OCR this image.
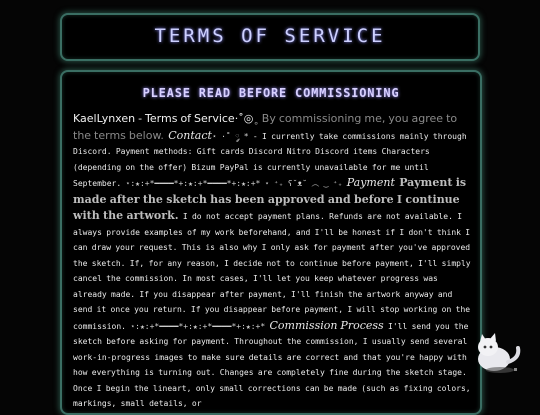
TERMS OF SERVICE
PLEASE READ BEFORE COMMISSIONING
KaelLynxen - Terms of Service·˚◎˳ By commissioning me, you agree to the terms below. Contact⋆ ·˚ ༘ * - I currently take commissions mainly through Discord. Payment methods: Gift cards Discord Nitro Discord items Characters (depending on the offer) Bizum PayPal is currently unavailable for me until September. ⋆:★:+*━━━━*+:★:+*━━━━*+:★:+* ⋆ ⁺₊ ʕ˘ᴥ˘ ︵ ‿ ⁺₊ Payment Payment is made after the sketch has been approved and before I continue with the artwork. I do not accept payment plans. Refunds are not available. I always provide examples of my work beforehand, and I'll be honest if I don't think I can draw your request. This is also why I only ask for payment after you've approved the sketch. If, for any reason, I decide not to continue before payment, I'll simply cancel the commission. In most cases, I'll let you keep whatever progress was already made. If you disappear after payment, I'll finish the artwork anyway and send it once you return. If you disappear before payment, I will stop working on the commission. ⋆:★:+*━━━━*+:★:+*━━━━*+:★:+* Commission Process I'll send you the sketch before asking for payment. Throughout the commission, I usually send several work-in-progress images to make sure details are correct and that you're happy with how everything is turning out. Changes are completely fine during the sketch stage. Once I begin the lineart, only small corrections can be made (such as fixing colors, markings, small details, or
